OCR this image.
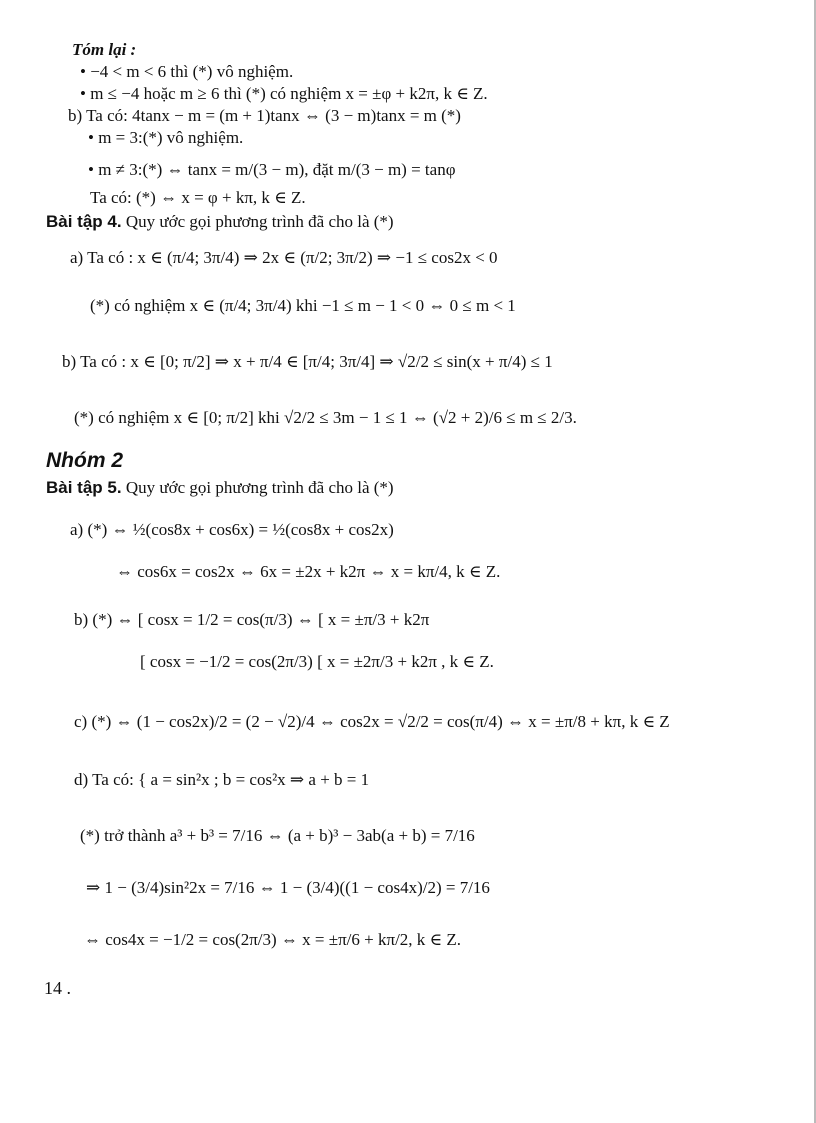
Tóm lại :
• −4 < m < 6 thì (*) vô nghiệm.
• m ≤ −4 hoặc m ≥ 6 thì (*) có nghiệm x = ±φ + k2π, k ∈ Z.
b) Ta có: 4tanx − m = (m + 1)tanx ⇔ (3 − m)tanx = m (*)
• m = 3:(*) vô nghiệm.
• m ≠ 3:(*) ⇔ tanx = m/(3 − m), đặt m/(3 − m) = tanφ
Ta có: (*) ⇔ x = φ + kπ, k ∈ Z.
Bài tập 4. Quy ước gọi phương trình đã cho là (*)
a) Ta có : x ∈ (π/4; 3π/4) ⇒ 2x ∈ (π/2; 3π/2) ⇒ −1 ≤ cos2x < 0
(*) có nghiệm x ∈ (π/4; 3π/4) khi −1 ≤ m − 1 < 0 ⇔ 0 ≤ m < 1
b) Ta có : x ∈ [0; π/2] ⇒ x + π/4 ∈ [π/4; 3π/4] ⇒ √2/2 ≤ sin(x + π/4) ≤ 1
(*) có nghiệm x ∈ [0; π/2] khi √2/2 ≤ 3m − 1 ≤ 1 ⇔ (√2 + 2)/6 ≤ m ≤ 2/3.
Nhóm 2
Bài tập 5. Quy ước gọi phương trình đã cho là (*)
a) (*) ⇔ ½(cos8x + cos6x) = ½(cos8x + cos2x)
⇔ cos6x = cos2x ⇔ 6x = ±2x + k2π ⇔ x = kπ/4, k ∈ Z.
b) (*) ⇔ [ cosx = 1/2 = cos(π/3) ⇔ [ x = ±π/3 + k2π
[ cosx = −1/2 = cos(2π/3) [ x = ±2π/3 + k2π , k ∈ Z.
c) (*) ⇔ (1 − cos2x)/2 = (2 − √2)/4 ⇔ cos2x = √2/2 = cos(π/4) ⇔ x = ±π/8 + kπ, k ∈ Z
d) Ta có: { a = sin²x ; b = cos²x ⇒ a + b = 1
(*) trở thành a³ + b³ = 7/16 ⇔ (a + b)³ − 3ab(a + b) = 7/16
⇒ 1 − (3/4)sin²2x = 7/16 ⇔ 1 − (3/4)((1 − cos4x)/2) = 7/16
⇔ cos4x = −1/2 = cos(2π/3) ⇔ x = ±π/6 + kπ/2, k ∈ Z.
14 .
